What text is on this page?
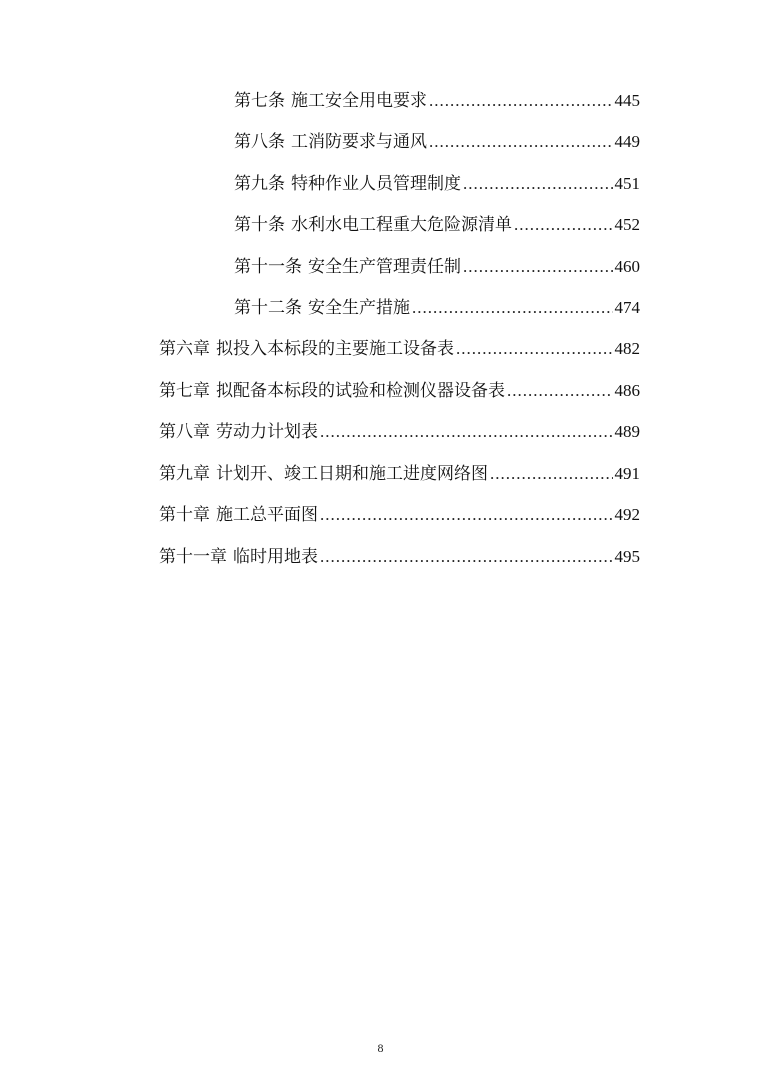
第七条 施工安全用电要求 .....	445
第八条 工消防要求与通风 .....	449
第九条 特种作业人员管理制度 .....	451
第十条 水利水电工程重大危险源清单 .....	452
第十一条 安全生产管理责任制 .....	460
第十二条 安全生产措施 .....	474
第六章 拟投入本标段的主要施工设备表 .....	482
第七章 拟配备本标段的试验和检测仪器设备表 .....	486
第八章 劳动力计划表 .....	489
第九章 计划开、竣工日期和施工进度网络图 .....	491
第十章 施工总平面图 .....	492
第十一章 临时用地表 .....	495
8
